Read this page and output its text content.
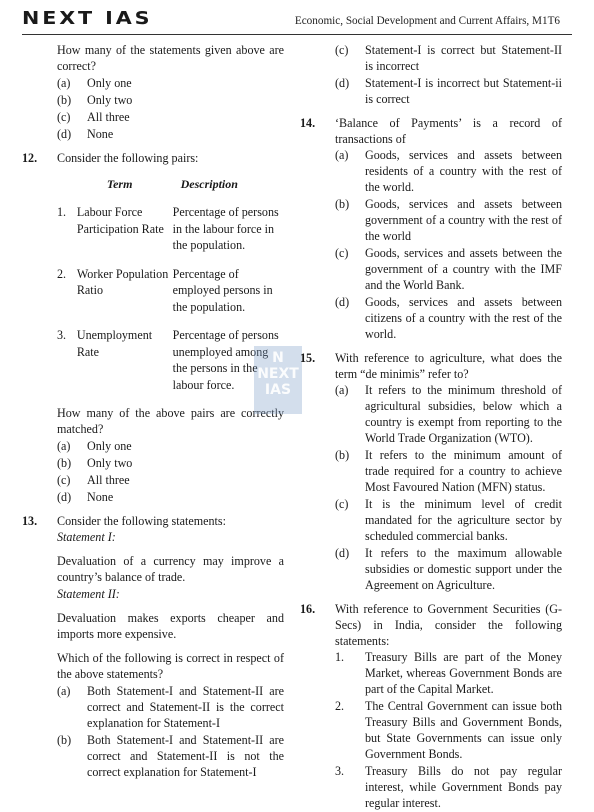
NEXT IAS	Economic, Social Development and Current Affairs, M1T6
How many of the statements given above are correct?
(a)	Only one
(b)	Only two
(c)	All three
(d)	None
12.	Consider the following pairs:
	Term	Description
1.	Labour Force Participation Rate	Percentage of persons in the labour force in the population.
2.	Worker Population Ratio	Percentage of employed persons in the population.
3.	Unemployment Rate	Percentage of persons unemployed among the persons in the labour force.
How many of the above pairs are correctly matched?
(a)	Only one
(b)	Only two
(c)	All three
(d)	None
13.	Consider the following statements:
Statement I:
Devaluation of a currency may improve a country’s balance of trade.
Statement II:
Devaluation makes exports cheaper and imports more expensive.
Which of the following is correct in respect of the above statements?
(a)	Both Statement-I and Statement-II are correct and Statement-II is the correct explanation for Statement-I
(b)	Both Statement-I and Statement-II are correct and Statement-II is not the correct explanation for Statement-I
N
NEXT
IAS
(c)	Statement-I is correct but Statement-II is incorrect
(d)	Statement-I is incorrect but Statement-ii is correct
14.	‘Balance of Payments’ is a record of transactions of
(a)	Goods, services and assets between residents of a country with the rest of the world.
(b)	Goods, services and assets between government of a country with the rest of the world
(c)	Goods, services and assets between the government of a country with the IMF and the World Bank.
(d)	Goods, services and assets between citizens of a country with the rest of the world.
15.	With reference to agriculture, what does the term “de minimis” refer to?
(a)	It refers to the minimum threshold of agricultural subsidies, below which a country is exempt from reporting to the World Trade Organization (WTO).
(b)	It refers to the minimum amount of trade required for a country to achieve Most Favoured Nation (MFN) status.
(c)	It is the minimum level of credit mandated for the agriculture sector by scheduled commercial banks.
(d)	It refers to the maximum allowable subsidies or domestic support under the Agreement on Agriculture.
16.	With reference to Government Securities (G-Secs) in India, consider the following statements:
1.	Treasury Bills are part of the Money Market, whereas Government Bonds are part of the Capital Market.
2.	The Central Government can issue both Treasury Bills and Government Bonds, but State Governments can issue only Government Bonds.
3.	Treasury Bills do not pay regular interest, while Government Bonds pay regular interest.
